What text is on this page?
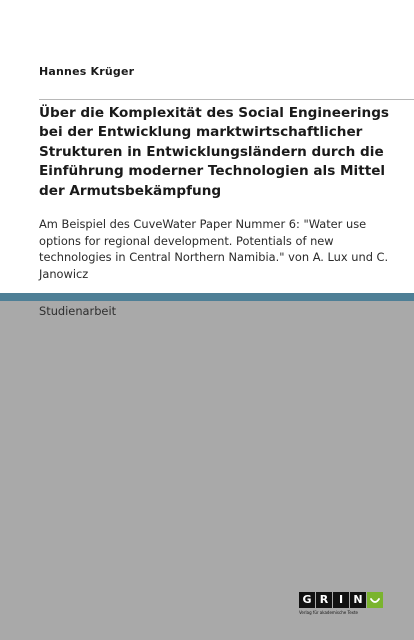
Hannes Krüger
Über die Komplexität des Social Engineerings bei der Entwicklung marktwirtschaftlicher Strukturen in Entwicklungsländern durch die Einführung moderner Technologien als Mittel der Armutsbekämpfung

Am Beispiel des CuveWater Paper Nummer 6: "Water use options for regional development. Potentials of new technologies in Central Northern Namibia." von A. Lux und C. Janowicz

Studienarbeit
G R I N
Verlag für akademische Texte
